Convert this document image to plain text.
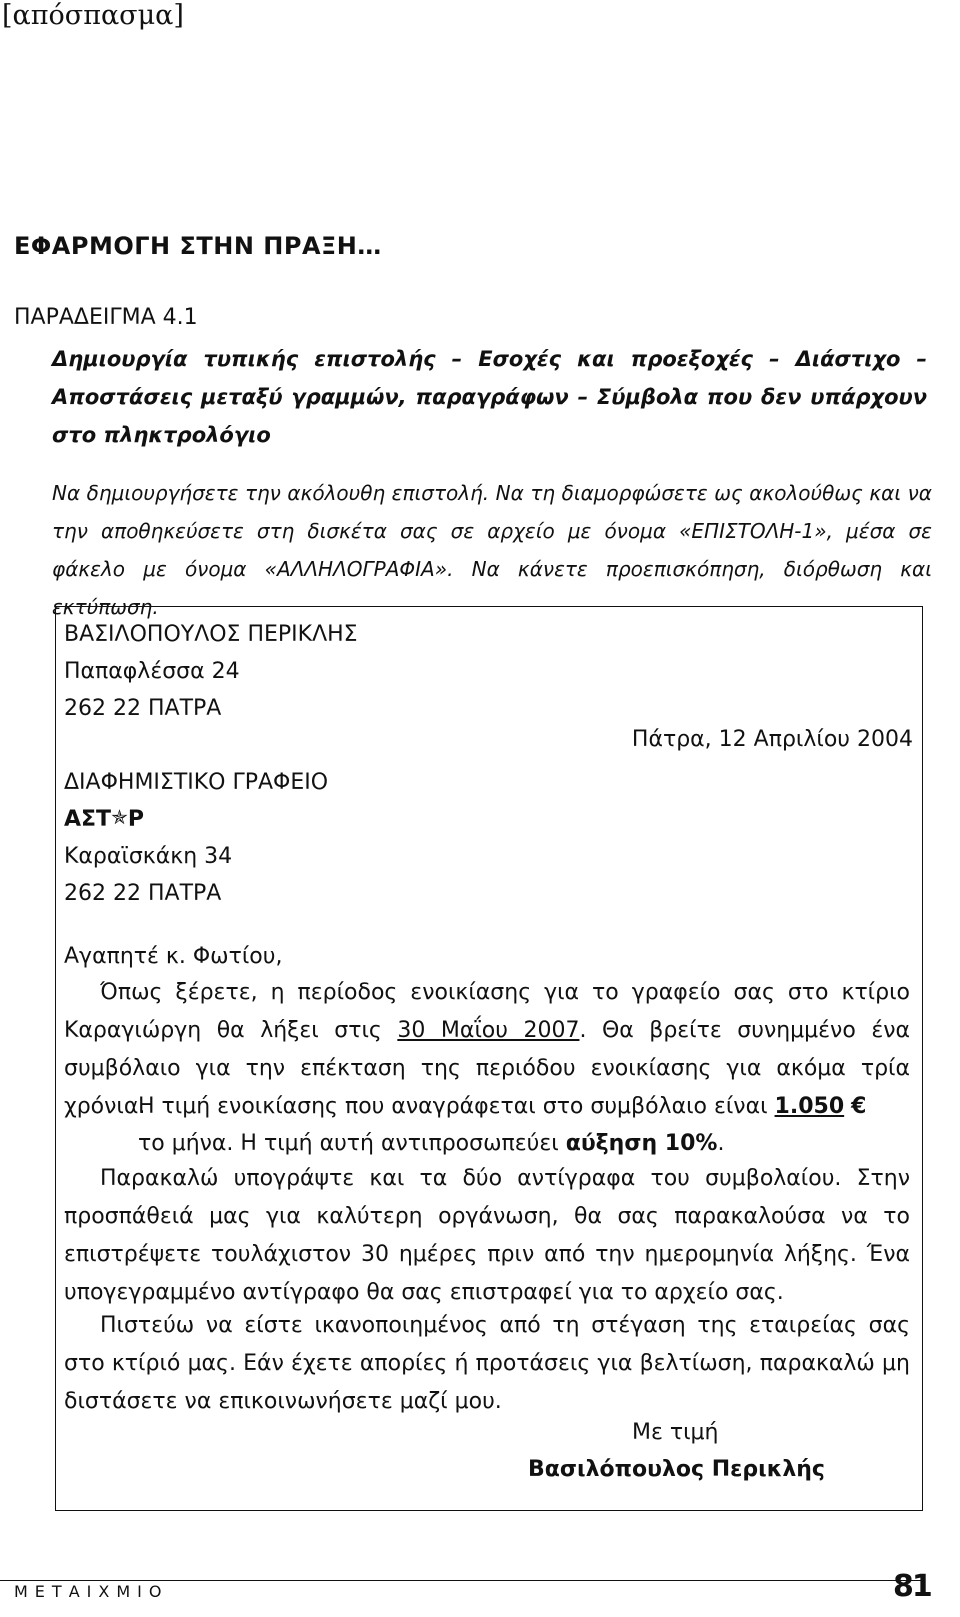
[απόσπασμα]
ΕΦΑΡΜΟΓΗ ΣΤΗΝ ΠΡΑΞΗ…
ΠΑΡΑΔΕΙΓΜΑ 4.1
Δημιουργία τυπικής επιστολής – Εσοχές και προεξοχές – Διάστιχο – Αποστάσεις μεταξύ γραμμών, παραγράφων – Σύμβολα που δεν υπάρχουν στο πληκτρολόγιο
Να δημιουργήσετε την ακόλουθη επιστολή. Να τη διαμορφώσετε ως ακολούθως και να την αποθηκεύσετε στη δισκέτα σας σε αρχείο με όνομα «ΕΠΙΣΤΟΛΗ-1», μέσα σε φάκελο με όνομα «ΑΛΛΗΛΟΓΡΑΦΙΑ». Να κάνετε προεπισκόπηση, διόρθωση και εκτύπωση.
ΒΑΣΙΛΟΠΟΥΛΟΣ ΠΕΡΙΚΛΗΣ
Παπαφλέσσα 24
262 22 ΠΑΤΡΑ
Πάτρα, 12 Απριλίου 2004
ΔΙΑΦΗΜΙΣΤΙΚΟ ΓΡΑΦΕΙΟ
ΑΣΤ✯Ρ
Καραϊσκάκη 34
262 22 ΠΑΤΡΑ
Αγαπητέ κ. Φωτίου,
Όπως ξέρετε, η περίοδος ενοικίασης για το γραφείο σας στο κτίριο Καραγιώργη θα λήξει στις 30 Μαΐου 2007. Θα βρείτε συνημμένο ένα συμβόλαιο για την επέκταση της περιόδου ενοικίασης για ακόμα τρία χρόνια.
Η τιμή ενοικίασης που αναγράφεται στο συμβόλαιο είναι 1.050 €
το μήνα. Η τιμή αυτή αντιπροσωπεύει αύξηση 10%.
Παρακαλώ υπογράψτε και τα δύο αντίγραφα του συμβολαίου. Στην προσπάθειά μας για καλύτερη οργάνωση, θα σας παρακαλούσα να το επιστρέψετε τουλάχιστον 30 ημέρες πριν από την ημερομηνία λήξης. Ένα υπογεγραμμένο αντίγραφο θα σας επιστραφεί για το αρχείο σας.
Πιστεύω να είστε ικανοποιημένος από τη στέγαση της εταιρείας σας στο κτίριό μας. Εάν έχετε απορίες ή προτάσεις για βελτίωση, παρακαλώ μη διστάσετε να επικοινωνήσετε μαζί μου.
Με τιμή
Βασιλόπουλος Περικλής
ΜΕΤΑΙΧΜΙΟ	81
